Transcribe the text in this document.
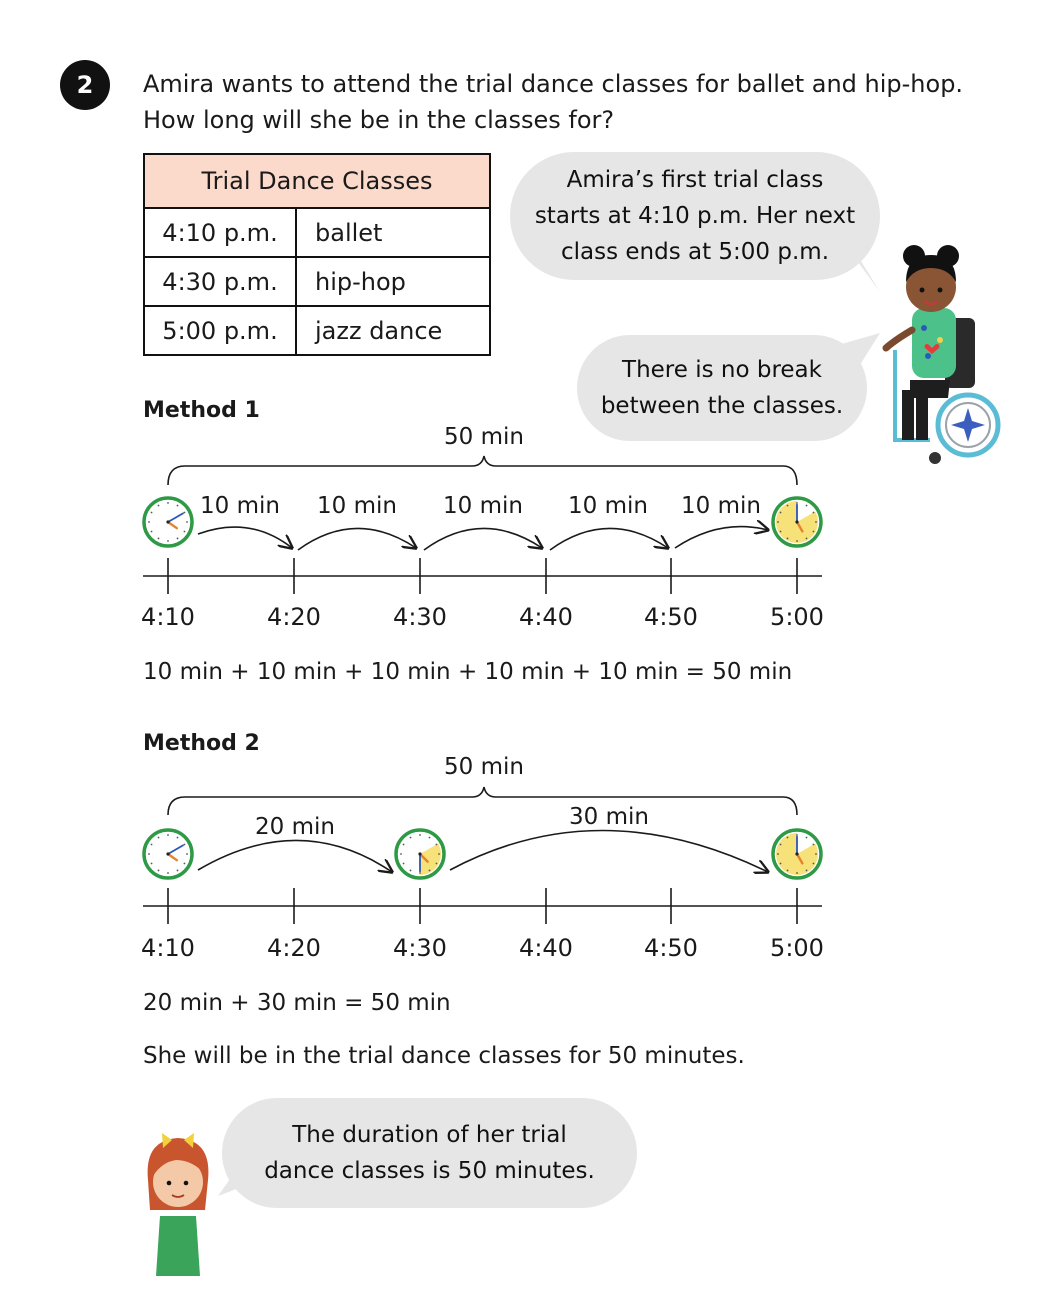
2	Amira wants to attend the trial dance classes for ballet and hip-hop.
How long will she be in the classes for?
Trial Dance Classes	
4:10 p.m.	ballet
4:30 p.m.	hip-hop
5:00 p.m.	jazz dance
Amira’s first trial class
starts at 4:10 p.m. Her next
class ends at 5:00 p.m.
There is no break
between the classes.
The duration of her trial
dance classes is 50 minutes.
Method 1
50 min
10 min 10 min 10 min 10 min 10 min
4:10	4:20	4:30	4:40	4:50	5:00
10 min + 10 min + 10 min + 10 min + 10 min = 50 min
Method 2
50 min
20 min	30 min
4:10	4:20	4:30	4:40	4:50	5:00
20 min + 30 min = 50 min
She will be in the trial dance classes for 50 minutes.
